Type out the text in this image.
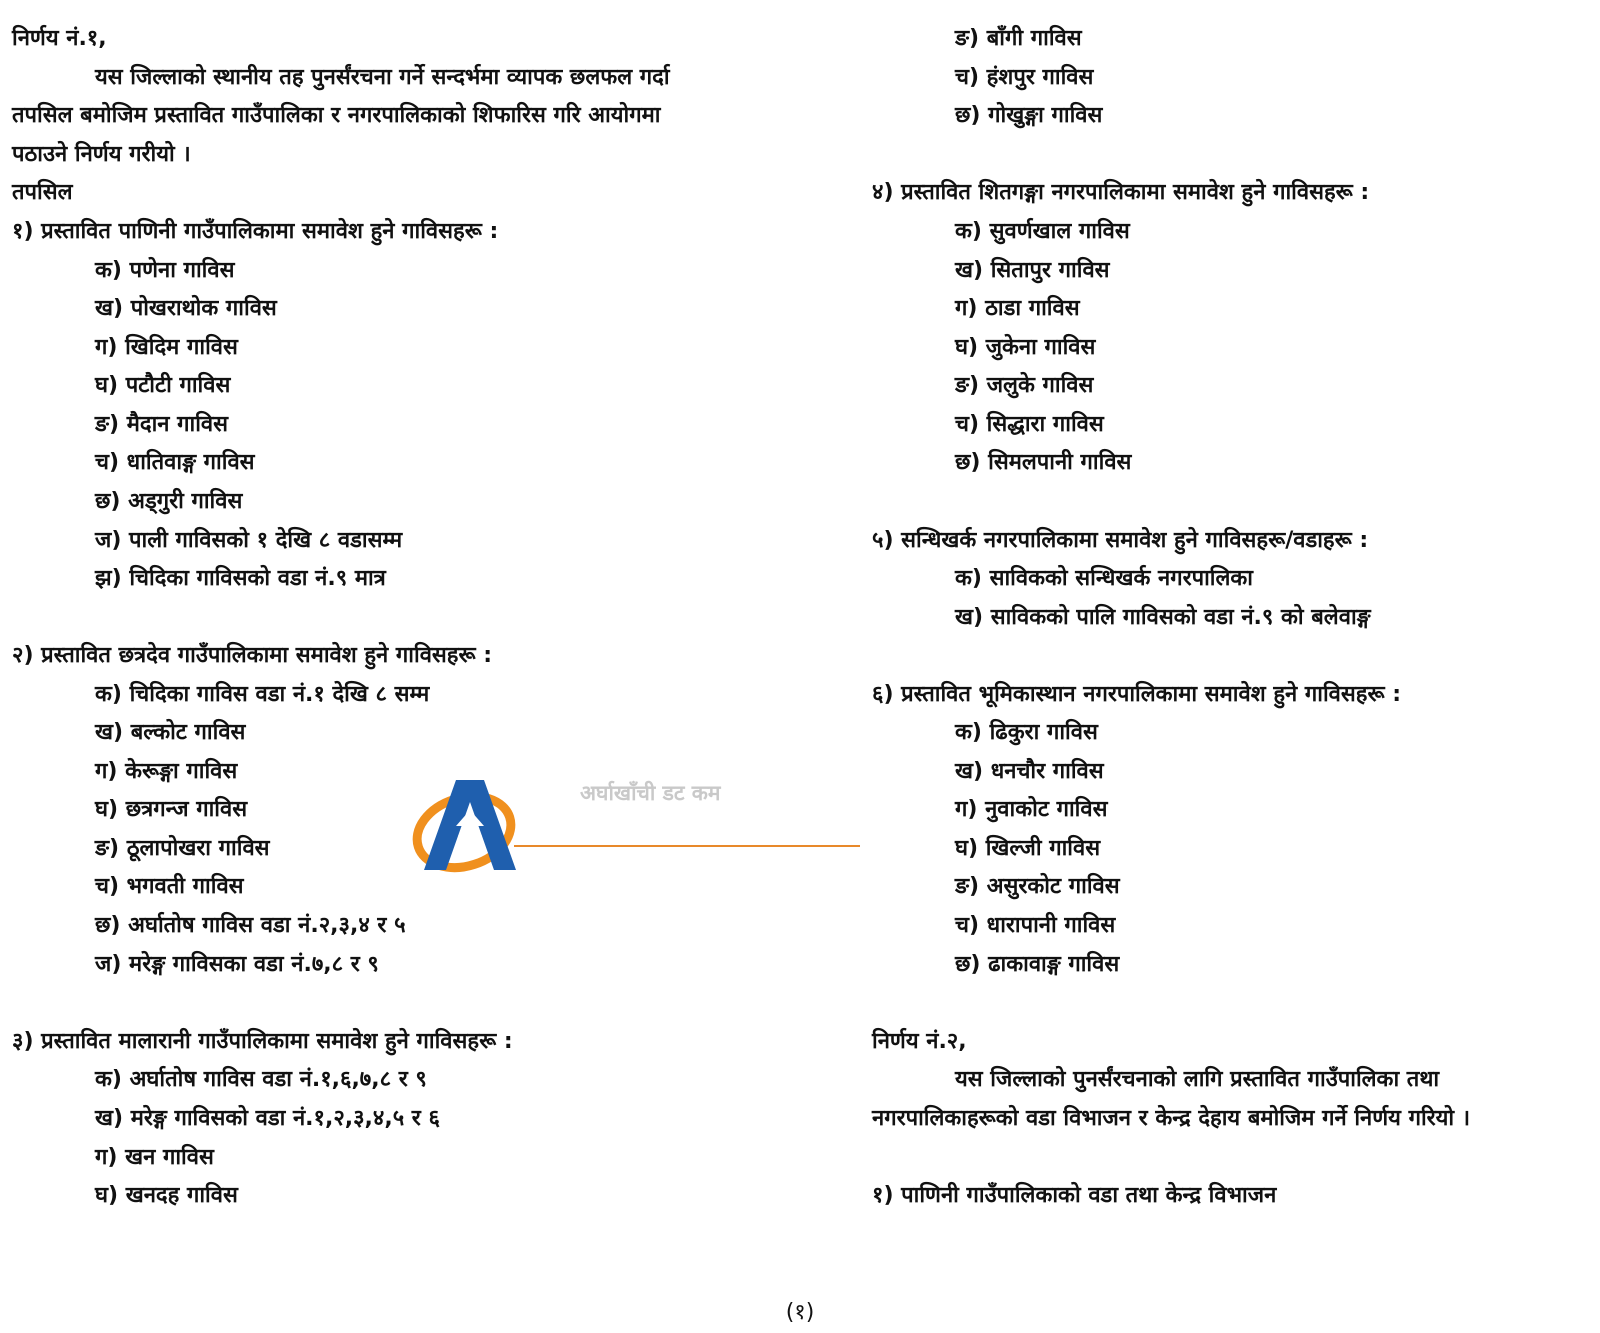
निर्णय नं.१,
यस जिल्लाको स्थानीय तह पुनर्संरचना गर्ने सन्दर्भमा व्यापक छलफल गर्दा
तपसिल बमोजिम प्रस्तावित गाउँपालिका र नगरपालिकाको शिफारिस गरि आयोगमा
पठाउने निर्णय गरीयो ।
तपसिल
१) प्रस्तावित पाणिनी गाउँपालिकामा समावेश हुने गाविसहरू :
क) पणेना गाविस
ख) पोखराथोक गाविस
ग) खिदिम गाविस
घ) पटौटी गाविस
ङ) मैदान गाविस
च) धातिवाङ्ग गाविस
छ) अड्गुरी गाविस
ज) पाली गाविसको १ देखि ८ वडासम्म
झ) चिदिका गाविसको वडा नं.९ मात्र
२) प्रस्तावित छत्रदेव गाउँपालिकामा समावेश हुने गाविसहरू :
क) चिदिका गाविस वडा नं.१ देखि ८ सम्म
ख) बल्कोट गाविस
ग) केरूङ्गा गाविस
घ) छत्रगन्ज गाविस
ङ) ठूलापोखरा गाविस
च) भगवती गाविस
छ) अर्घातोष गाविस वडा नं.२,३,४ र ५
ज) मरेङ्ग गाविसका वडा नं.७,८ र ९
३) प्रस्तावित मालारानी गाउँपालिकामा समावेश हुने गाविसहरू :
क) अर्घातोष गाविस वडा नं.१,६,७,८ र ९
ख) मरेङ्ग गाविसको वडा नं.१,२,३,४,५ र ६
ग) खन गाविस
घ) खनदह गाविस
ङ) बाँगी गाविस
च) हंशपुर गाविस
छ) गोखुङ्गा गाविस
४) प्रस्तावित शितगङ्गा नगरपालिकामा समावेश हुने गाविसहरू :
क) सुवर्णखाल गाविस
ख) सितापुर गाविस
ग) ठाडा गाविस
घ) जुकेना गाविस
ङ) जलुके गाविस
च) सिद्धारा गाविस
छ) सिमलपानी गाविस
५) सन्धिखर्क नगरपालिकामा समावेश हुने गाविसहरू/वडाहरू :
क) साविकको सन्धिखर्क नगरपालिका
ख) साविकको पालि गाविसको वडा नं.९ को बलेवाङ्ग
६) प्रस्तावित भूमिकास्थान नगरपालिकामा समावेश हुने गाविसहरू :
क) ढिकुरा गाविस
ख) धनचौर गाविस
ग) नुवाकोट गाविस
घ) खिल्जी गाविस
ङ) असुरकोट गाविस
च) धारापानी गाविस
छ) ढाकावाङ्ग गाविस
निर्णय नं.२,
यस जिल्लाको पुनर्संरचनाको लागि प्रस्तावित गाउँपालिका तथा
नगरपालिकाहरूको वडा विभाजन र केन्द्र देहाय बमोजिम गर्ने निर्णय गरियो ।
१) पाणिनी गाउँपालिकाको वडा तथा केन्द्र विभाजन
A
अर्घाखाँची डट कम
(१)
